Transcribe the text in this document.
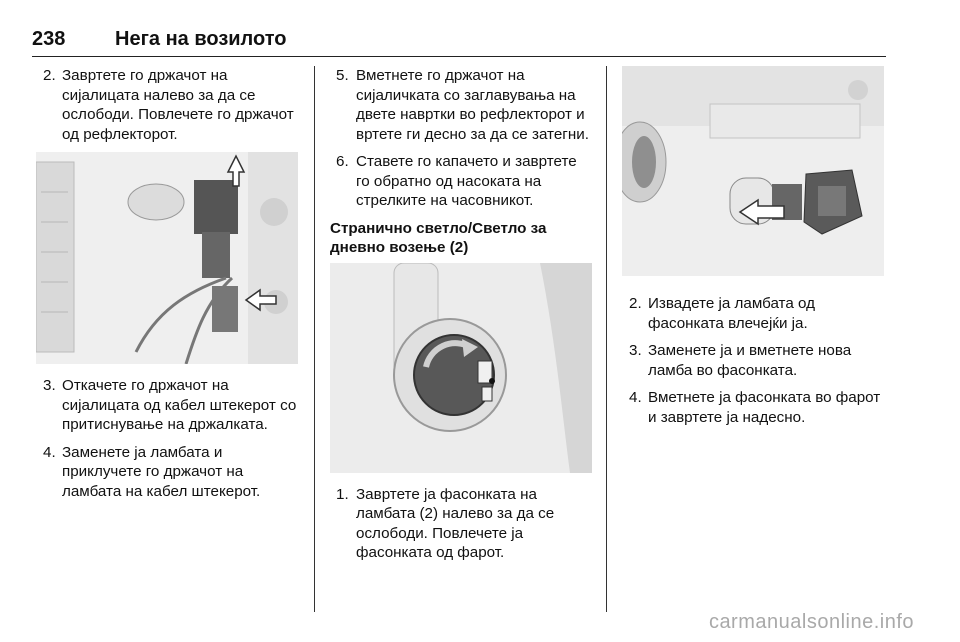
238 Нега на возилото
2. Завртете го држачот на сијалицата налево за да се ослободи. Повлечете го држачот од рефлекторот.
3. Откачете го држачот на сијалицата од кабел штекерот со притиснување на држалката.
4. Заменете ја ламбата и приклучете го држачот на ламбата на кабел штекерот.
5. Вметнете го држачот на сијаличката со заглавувања на двете навртки во рефлекторот и вртете ги десно за да се затегни.
6. Ставете го капачето и завртете го обратно од насоката на стрелките на часовникот.
Странично светло/Светло за дневно возење (2)
1. Завртете ја фасонката на ламбата (2) налево за да се ослободи. Повлечете ја фасонката од фарот.
2. Извадете ја ламбата од фасонката влечејќи ја.
3. Заменете ја и вметнете нова ламба во фасонката.
4. Вметнете ја фасонката во фарот и завртете ја надесно.
carmanualsonline.info
